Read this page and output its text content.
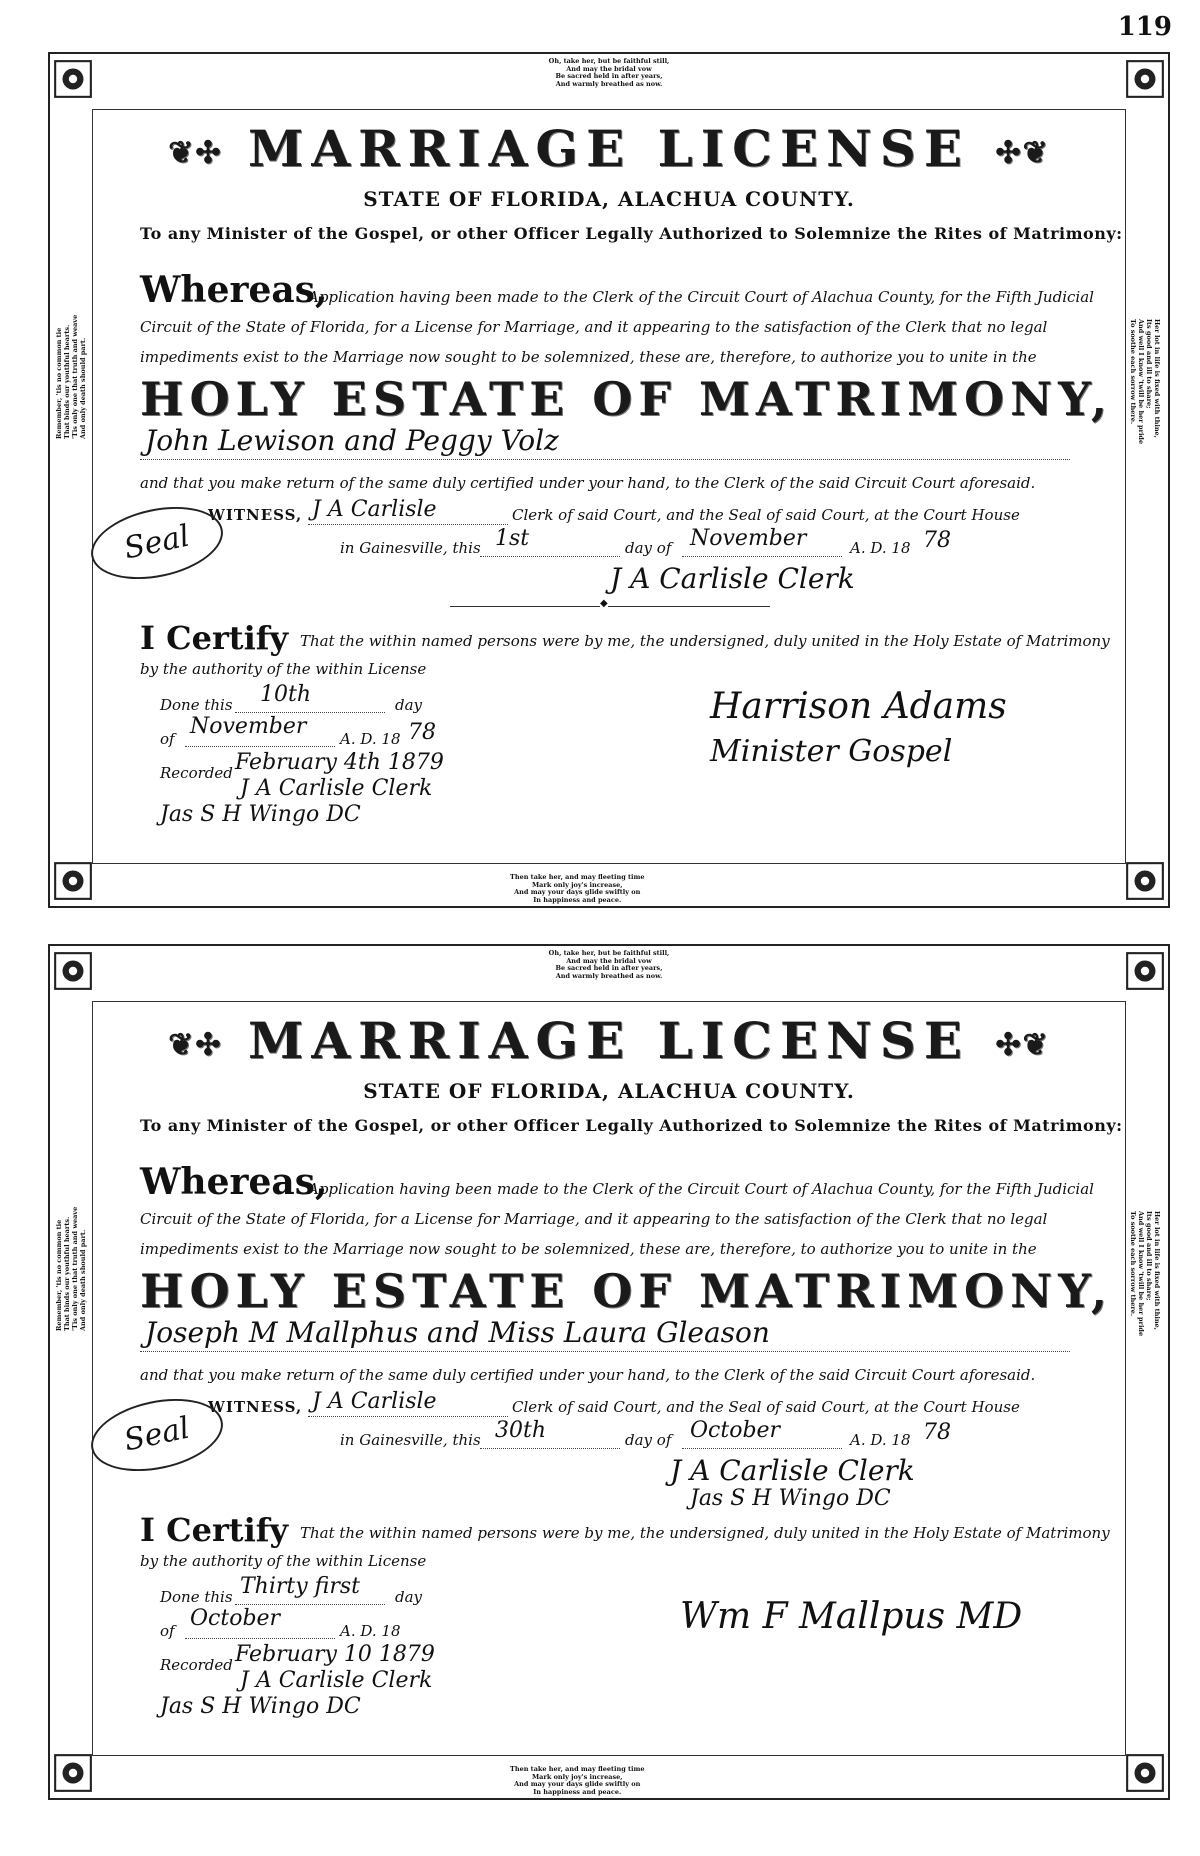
119
Oh, take her, but be faithful still,
And may the bridal vow
Be sacred held in after years,
And warmly breathed as now.
Then take her, and may fleeting time
Mark only joy's increase,
And may your days glide swiftly on
In happiness and peace.
Remember, 'tis no common tie
That binds our youthful hearts.
'Tis only one that truth and weave
And only death should part.
Her lot in life is fixed with thine,
Its good and ill to share;
And well I know 'twill be her pride
To soothe each sorrow there.
❦✣ MARRIAGE LICENSE ✣❦
STATE OF FLORIDA, ALACHUA COUNTY.
To any Minister of the Gospel, or other Officer Legally Authorized to Solemnize the Rites of Matrimony:
Whereas,
Application having been made to the Clerk of the Circuit Court of Alachua County, for the Fifth Judicial Circuit of the State of Florida, for a License for Marriage, and it appearing to the satisfaction of the Clerk that no legal impediments exist to the Marriage now sought to be solemnized, these are, therefore, to authorize you to unite in the
HOLY ESTATE OF MATRIMONY,
John Lewison and Peggy Volz
and that you make return of the same duly certified under your hand, to the Clerk of the said Circuit Court aforesaid.
WITNESS, J A Carlisle	Clerk of said Court, and the Seal of said Court, at the Court House
in Gainesville, this 1st	day of November	A. D. 18 78
Seal
J A Carlisle Clerk
◆
I Certify That the within named persons were by me, the undersigned, duly united in the Holy Estate of Matrimony
by the authority of the within License
Done this 10th	day
of November A. D. 18 78
Recorded February 4th 1879
J A Carlisle Clerk
Jas S H Wingo DC
Harrison Adams
Minister Gospel
Oh, take her, but be faithful still,
And may the bridal vow
Be sacred held in after years,
And warmly breathed as now.
Then take her, and may fleeting time
Mark only joy's increase,
And may your days glide swiftly on
In happiness and peace.
Remember, 'tis no common tie
That binds our youthful hearts.
'Tis only one that truth and weave
And only death should part.
Her lot in life is fixed with thine,
Its good and ill to share;
And well I know 'twill be her pride
To soothe each sorrow there.
❦✣ MARRIAGE LICENSE ✣❦
STATE OF FLORIDA, ALACHUA COUNTY.
To any Minister of the Gospel, or other Officer Legally Authorized to Solemnize the Rites of Matrimony:
Whereas,
Application having been made to the Clerk of the Circuit Court of Alachua County, for the Fifth Judicial Circuit of the State of Florida, for a License for Marriage, and it appearing to the satisfaction of the Clerk that no legal impediments exist to the Marriage now sought to be solemnized, these are, therefore, to authorize you to unite in the
HOLY ESTATE OF MATRIMONY,
Joseph M Mallphus and Miss Laura Gleason
and that you make return of the same duly certified under your hand, to the Clerk of the said Circuit Court aforesaid.
WITNESS, J A Carlisle	Clerk of said Court, and the Seal of said Court, at the Court House
in Gainesville, this 30th	day of October	A. D. 18 78
Seal
J A Carlisle Clerk
Jas S H Wingo DC
I Certify That the within named persons were by me, the undersigned, duly united in the Holy Estate of Matrimony
by the authority of the within License
Done this Thirty first day
of October	A. D. 18
Recorded February 10 1879
J A Carlisle Clerk
Jas S H Wingo DC
Wm F Mallpus MD
